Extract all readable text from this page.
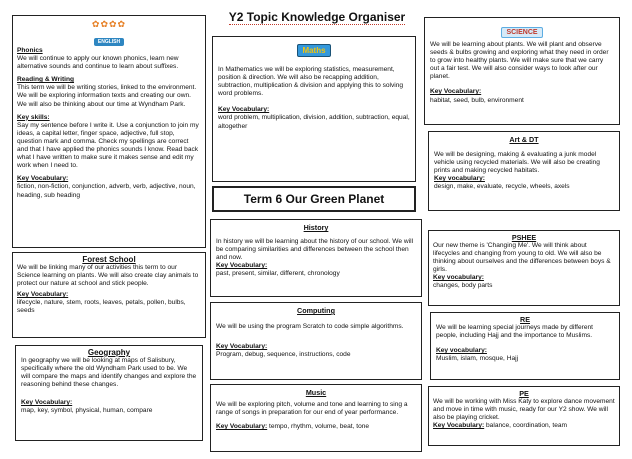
Y2 Topic Knowledge Organiser
✿✿✿✿
ENGLISH

Phonics

We will continue to apply our known phonics, learn new alternative sounds and continue to learn about suffixes.

Reading & Writing

This term we will be writing stories, linked to the environment. We will be exploring information texts and creating our own. We will also be thinking about our time at Wyndham Park.

Key skills:

Say my sentence before I write it. Use a conjunction to join my ideas, a capital letter, finger space, adjective, full stop, question mark and comma. Check my spellings are correct and that I have applied the phonics sounds I know. Read back what I have written to make sure it makes sense and edit my work when I need to.

Key Vocabulary:

fiction, non-fiction, conjunction, adverb, verb, adjective, noun, heading, sub heading

Maths

In Mathematics we will be exploring statistics, measurement, position & direction. We will also be recapping addition, subtraction, multiplication & division and applying this to solving word problems.

Key Vocabulary:

word problem, multiplication, division, addition, subtraction, equal, altogether

Term 6 Our Green Planet
SCIENCE

We will be learning about plants. We will plant and observe seeds & bulbs growing and exploring what they need in order to grow into healthy plants. We will make sure that we carry out a fair test. We will also consider ways to look after our planet.

Key Vocabulary:

habitat, seed, bulb, environment

Art & DT

We will be designing, making & evaluating a junk model vehicle using recycled materials. We will also be creating prints and making recycled habitats.

Key vocabulary:

design, make, evaluate, recycle, wheels, axels

Forest School

We will be linking many of our activities this term to our Science learning on plants. We will also create clay animals to protect our nature at school and stick people.

Key Vocabulary:

lifecycle, nature, stem, roots, leaves, petals, pollen, bulbs, seeds

Geography

In geography we will be looking at maps of Salisbury, specifically where the old Wyndham Park used to be. We will compare the maps and identify changes and explore the reasoning behind these changes.

Key Vocabulary:

map, key, symbol, physical, human, compare

History

In history we will be learning about the history of our school. We will be comparing similarities and differences between the school then and now.

Key Vocabulary:

past, present, similar, different, chronology

Computing

We will be using the program Scratch to code simple algorithms.

Key Vocabulary:

Program, debug, sequence, instructions, code

Music

We will be exploring pitch, volume and tone and learning to sing a range of songs in preparation for our end of year performance.

Key Vocabulary: tempo, rhythm, volume, beat, tone

PSHEE

Our new theme is 'Changing Me'. We will think about lifecycles and changing from young to old. We will also be thinking about ourselves and the differences between boys & girls.

Key vocabulary:

changes, body parts

RE

We will be learning special journeys made by different people, including Hajj and the importance to Muslims.

Key vocabulary:

Muslim, islam, mosque, Hajj

PE

We will be working with Miss Katy to explore dance movement and move in time with music, ready for our Y2 show. We will also be playing cricket.

Key Vocabulary: balance, coordination, team
